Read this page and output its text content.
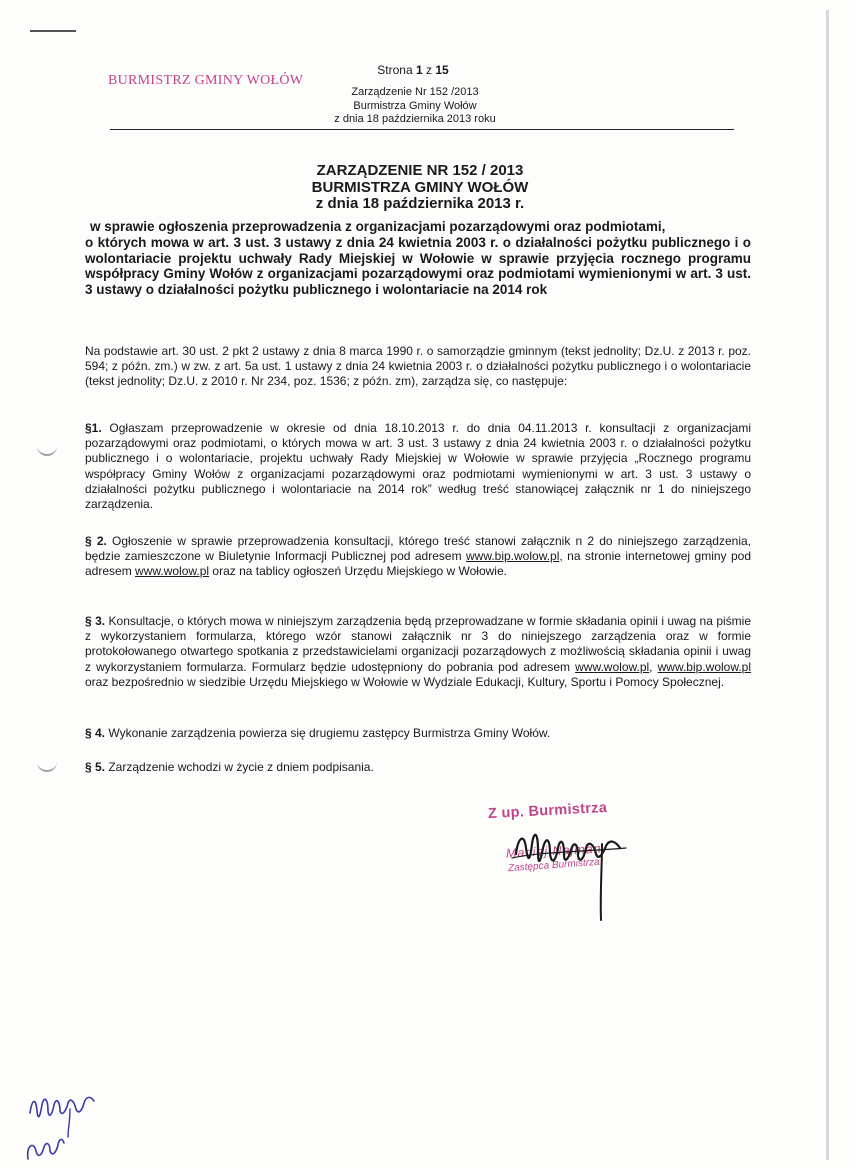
BURMISTRZ GMINY WOŁÓW
Strona 1 z 15
Zarządzenie Nr 152 /2013
Burmistrza Gminy Wołów
z dnia 18 października 2013 roku
ZARZĄDZENIE NR 152 / 2013
BURMISTRZA GMINY WOŁÓW
z dnia 18 października 2013 r.
w sprawie ogłoszenia przeprowadzenia z organizacjami pozarządowymi oraz podmiotami,
o których mowa w art. 3 ust. 3 ustawy z dnia 24 kwietnia 2003 r. o działalności pożytku publicznego i o wolontariacie projektu uchwały Rady Miejskiej w Wołowie w sprawie przyjęcia rocznego programu współpracy Gminy Wołów z organizacjami pozarządowymi oraz podmiotami wymienionymi w art. 3 ust. 3 ustawy o działalności pożytku publicznego i wolontariacie na 2014 rok
Na podstawie art. 30 ust. 2 pkt 2 ustawy z dnia 8 marca 1990 r. o samorządzie gminnym (tekst jednolity; Dz.U. z 2013 r. poz. 594; z późn. zm.) w zw. z art. 5a ust. 1 ustawy z dnia 24 kwietnia 2003 r. o działalności pożytku publicznego i o wolontariacie (tekst jednolity; Dz.U. z 2010 r. Nr 234, poz. 1536; z późn. zm), zarządza się, co następuje:
§1. Ogłaszam przeprowadzenie w okresie od dnia 18.10.2013 r. do dnia 04.11.2013 r. konsultacji z organizacjami pozarządowymi oraz podmiotami, o których mowa w art. 3 ust. 3 ustawy z dnia 24 kwietnia 2003 r. o działalności pożytku publicznego i o wolontariacie, projektu uchwały Rady Miejskiej w Wołowie w sprawie przyjęcia „Rocznego programu współpracy Gminy Wołów z organizacjami pozarządowymi oraz podmiotami wymienionymi w art. 3 ust. 3 ustawy o działalności pożytku publicznego i wolontariacie na 2014 rok” według treść stanowiącej załącznik nr 1 do niniejszego zarządzenia.
§ 2. Ogłoszenie w sprawie przeprowadzenia konsultacji, którego treść stanowi załącznik n 2 do niniejszego zarządzenia, będzie zamieszczone w Biuletynie Informacji Publicznej pod adresem www.bip.wolow.pl, na stronie internetowej gminy pod adresem www.wolow.pl oraz na tablicy ogłoszeń Urzędu Miejskiego w Wołowie.
§ 3. Konsultacje, o których mowa w niniejszym zarządzenia będą przeprowadzane w formie składania opinii i uwag na piśmie z wykorzystaniem formularza, którego wzór stanowi załącznik nr 3 do niniejszego zarządzenia oraz w formie protokołowanego otwartego spotkania z przedstawicielami organizacji pozarządowych z możliwością składania opinii i uwag z wykorzystaniem formularza. Formularz będzie udostępniony do pobrania pod adresem www.wolow.pl, www.bip.wolow.pl oraz bezpośrednio w siedzibie Urzędu Miejskiego w Wołowie w Wydziale Edukacji, Kultury, Sportu i Pomocy Społecznej.
§ 4. Wykonanie zarządzenia powierza się drugiemu zastępcy Burmistrza Gminy Wołów.
§ 5. Zarządzenie wchodzi w życie z dniem podpisania.
Z up. Burmistrza
Maciej Najman
Zastępca Burmistrza
